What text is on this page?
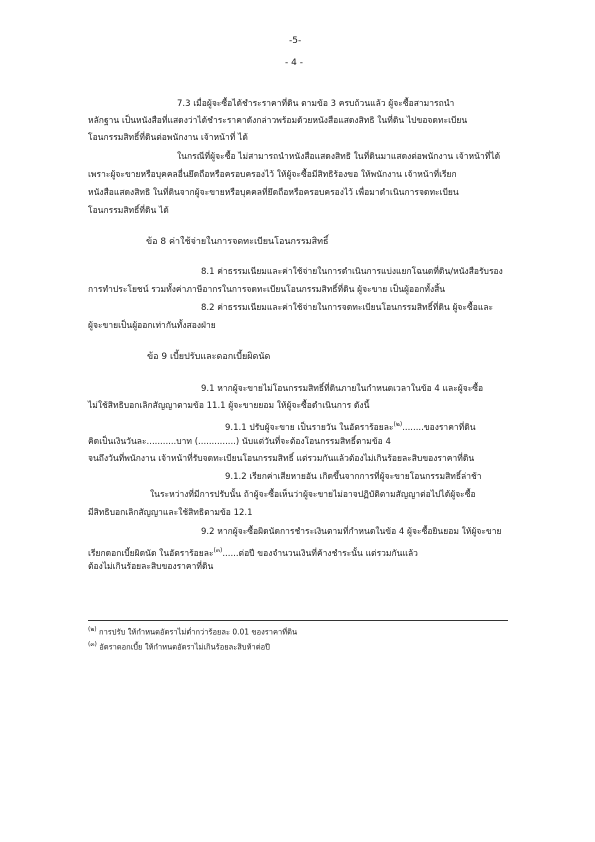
-5-
- 4 -
7.3 เมื่อผู้จะซื้อได้ชำระราคาที่ดิน ตามข้อ 3 ครบถ้วนแล้ว ผู้จะซื้อสามารถนำ
หลักฐาน เป็นหนังสือที่แสดงว่าได้ชำระราคาดังกล่าวพร้อมด้วยหนังสือแสดงสิทธิ ในที่ดิน ไปขอจดทะเบียน
โอนกรรมสิทธิ์ที่ดินต่อพนักงาน เจ้าหน้าที่ ได้
ในกรณีที่ผู้จะซื้อ ไม่สามารถนำหนังสือแสดงสิทธิ ในที่ดินมาแสดงต่อพนักงาน เจ้าหน้าที่ได้
เพราะผู้จะขายหรือบุคคลอื่นยึดถือหรือครอบครองไว้ ให้ผู้จะซื้อมีสิทธิร้องขอ ให้พนักงาน เจ้าหน้าที่เรียก
หนังสือแสดงสิทธิ ในที่ดินจากผู้จะขายหรือบุคคลที่ยึดถือหรือครอบครองไว้ เพื่อมาดำเนินการจดทะเบียน
โอนกรรมสิทธิ์ที่ดิน ได้
ข้อ 8 ค่าใช้จ่ายในการจดทะเบียนโอนกรรมสิทธิ์
8.1 ค่าธรรมเนียมและค่าใช้จ่ายในการดำเนินการแบ่งแยกโฉนดที่ดิน/หนังสือรับรอง
การทำประโยชน์ รวมทั้งค่าภาษีอากรในการจดทะเบียนโอนกรรมสิทธิ์ที่ดิน ผู้จะขาย เป็นผู้ออกทั้งสิ้น
8.2 ค่าธรรมเนียมและค่าใช้จ่ายในการจดทะเบียนโอนกรรมสิทธิ์ที่ดิน ผู้จะซื้อและ
ผู้จะขายเป็นผู้ออกเท่ากันทั้งสองฝ่าย
ข้อ 9 เบี้ยปรับและดอกเบี้ยผิดนัด
9.1 หากผู้จะขายไม่โอนกรรมสิทธิ์ที่ดินภายในกำหนดเวลาในข้อ 4 และผู้จะซื้อ
ไม่ใช้สิทธิบอกเลิกสัญญาตามข้อ 11.1 ผู้จะขายยอม ให้ผู้จะซื้อดำเนินการ ดังนี้
9.1.1 ปรับผู้จะขาย เป็นรายวัน ในอัตราร้อยละ$^{(๒)}$........ของราคาที่ดิน
คิดเป็นเงินวันละ...........บาท (..............) นับแต่วันที่จะต้องโอนกรรมสิทธิ์ตามข้อ 4
จนถึงวันที่พนักงาน เจ้าหน้าที่รับจดทะเบียนโอนกรรมสิทธิ์ แต่รวมกันแล้วต้องไม่เกินร้อยละสิบของราคาที่ดิน
9.1.2 เรียกค่าเสียหายอัน เกิดขึ้นจากการที่ผู้จะขายโอนกรรมสิทธิ์ล่าช้า
ในระหว่างที่มีการปรับนั้น ถ้าผู้จะซื้อเห็นว่าผู้จะขายไม่อาจปฏิบัติตามสัญญาต่อไปได้ผู้จะซื้อ
มีสิทธิบอกเลิกสัญญาและใช้สิทธิตามข้อ 12.1
9.2 หากผู้จะซื้อผิดนัดการชำระเงินตามที่กำหนดในข้อ 4 ผู้จะซื้อยินยอม ให้ผู้จะขาย
เรียกดอกเบี้ยผิดนัด ในอัตราร้อยละ$^{(๓)}$......ต่อปี ของจำนวนเงินที่ค้างชำระนั้น แต่รวมกันแล้ว
ต้องไม่เกินร้อยละสิบของราคาที่ดิน
$^{(๒)}$ การปรับ ให้กำหนดอัตราไม่ต่ำกว่าร้อยละ 0.01 ของราคาที่ดิน
$^{(๓)}$ อัตราดอกเบี้ย ให้กำหนดอัตราไม่เกินร้อยละสิบห้าต่อปี
